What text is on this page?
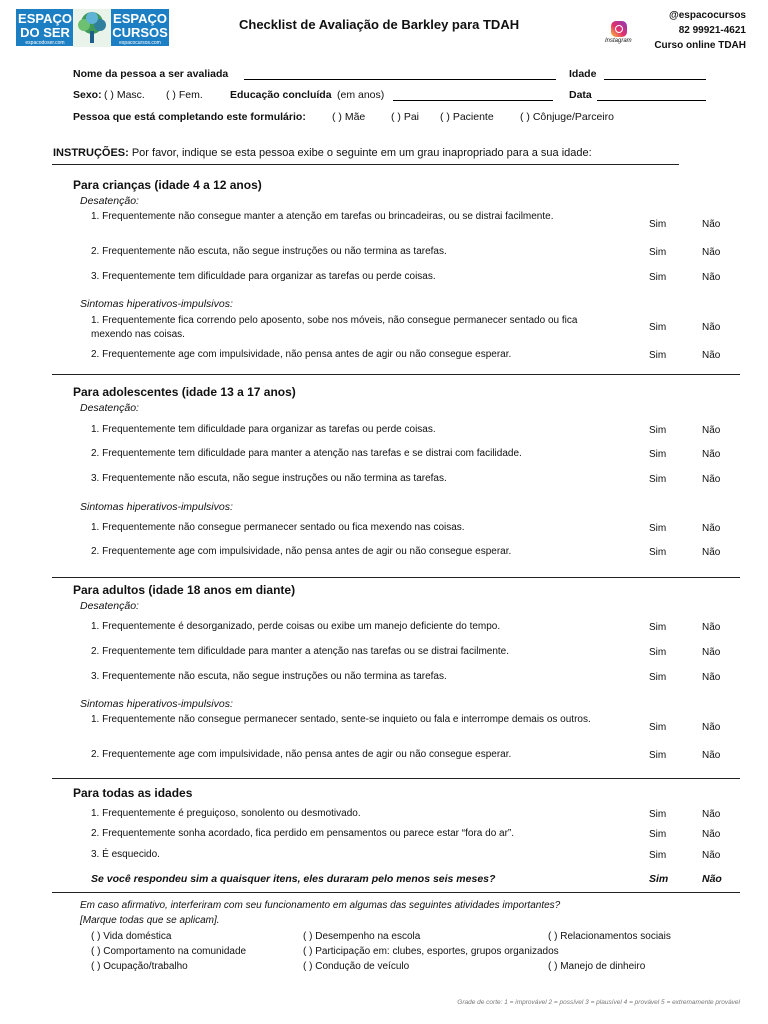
ESPAÇO
DO SER
espacodoser.com
ESPAÇO
CURSOS
espacocursos.com
Checklist de Avaliação de Barkley para TDAH
Instagram
@espacocursos
82 99921-4621
Curso online TDAH
Nome da pessoa a ser avaliada	Idade
Sexo: ( ) Masc. ( ) Fem.	Educação concluída (em anos)	Data
Pessoa que está completando este formulário: ( ) Mãe ( ) Pai ( ) Paciente	( ) Cônjuge/Parceiro
INSTRUÇÕES: Por favor, indique se esta pessoa exibe o seguinte em um grau inapropriado para a sua idade:
Para crianças (idade 4 a 12 anos)
Desatenção:
1. Frequentemente não consegue manter a atenção em tarefas ou brincadeiras, ou se distrai facilmente.
Sim	Não
2. Frequentemente não escuta, não segue instruções ou não termina as tarefas.	Sim	Não
3. Frequentemente tem dificuldade para organizar as tarefas ou perde coisas.	Sim	Não
Sintomas hiperativos-impulsivos:
1. Frequentemente fica correndo pelo aposento, sobe nos móveis, não consegue permanecer sentado ou fica mexendo nas coisas.
Sim	Não
2. Frequentemente age com impulsividade, não pensa antes de agir ou não consegue esperar.	Sim	Não
Para adolescentes (idade 13 a 17 anos)
Desatenção:
1. Frequentemente tem dificuldade para organizar as tarefas ou perde coisas.	Sim	Não
2. Frequentemente tem dificuldade para manter a atenção nas tarefas e se distrai com facilidade.	Sim	Não
3. Frequentemente não escuta, não segue instruções ou não termina as tarefas.	Sim	Não
Sintomas hiperativos-impulsivos:
1. Frequentemente não consegue permanecer sentado ou fica mexendo nas coisas.	Sim	Não
2. Frequentemente age com impulsividade, não pensa antes de agir ou não consegue esperar.	Sim	Não
Para adultos (idade 18 anos em diante)
Desatenção:
1. Frequentemente é desorganizado, perde coisas ou exibe um manejo deficiente do tempo.	Sim	Não
2. Frequentemente tem dificuldade para manter a atenção nas tarefas ou se distrai facilmente.	Sim	Não
3. Frequentemente não escuta, não segue instruções ou não termina as tarefas.	Sim	Não
Sintomas hiperativos-impulsivos:
1. Frequentemente não consegue permanecer sentado, sente-se inquieto ou fala e interrompe demais os outros.
Sim	Não
2. Frequentemente age com impulsividade, não pensa antes de agir ou não consegue esperar.	Sim	Não
Para todas as idades
1. Frequentemente é preguiçoso, sonolento ou desmotivado.	Sim	Não
2. Frequentemente sonha acordado, fica perdido em pensamentos ou parece estar “fora do ar”.	Sim	Não
3. É esquecido.	Sim	Não
Se você respondeu sim a quaisquer itens, eles duraram pelo menos seis meses?	Sim	Não
Em caso afirmativo, interferiram com seu funcionamento em algumas das seguintes atividades importantes?
[Marque todas que se aplicam].
( ) Vida doméstica
( ) Comportamento na comunidade
( ) Ocupação/trabalho
( ) Desempenho na escola
( ) Participação em: clubes, esportes, grupos organizados
( ) Condução de veículo
( ) Relacionamentos sociais
( ) Manejo de dinheiro
Grade de corte: 1 = improvável 2 = possível 3 = plausível 4 = provável 5 = extremamente provável
